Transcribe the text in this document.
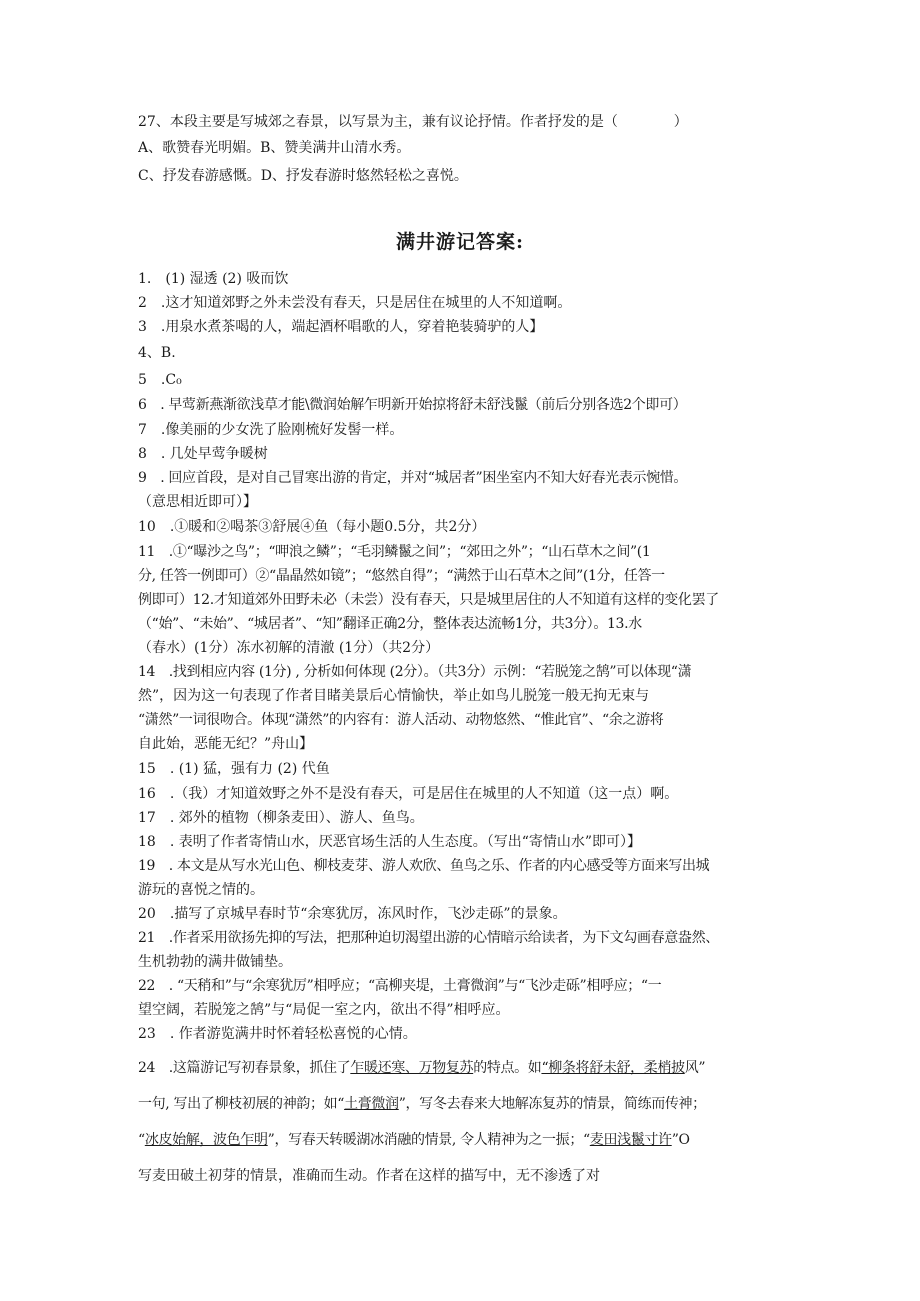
27、本段主要是写城郊之春景，以写景为主，兼有议论抒情。作者抒发的是（　　　　）

A、歌赞春光明媚。B、赞美满井山清水秀。

C、抒发春游感慨。D、抒发春游时悠然轻松之喜悦。

满井游记答案:

1.　(1) 湿透 (2) 吸而饮

2　.这才知道郊野之外未尝没有春天，只是居住在城里的人不知道啊。

3　.用泉水煮茶喝的人，端起酒杯唱歌的人，穿着艳装骑驴的人】

4、B.

5　.C₀

6　. 早莺新燕渐欲浅草才能\微润始解乍明新开始掠将舒未舒浅鬣（前后分别各选2个即可）

7　.像美丽的少女洗了脸刚梳好发髻一样。

8　. 几处早莺争暖树

9　. 回应首段，是对自己冒寒出游的肯定，并对“城居者”困坐室内不知大好春光表示惋惜。

（意思相近即可）】

10　.①暖和②喝茶③舒展④鱼（每小题0.5分，共2分）

11　.①“曝沙之鸟”；“呷浪之鳞”；“毛羽鳞鬣之间”；“郊田之外”；“山石草木之间”(1

分, 任答一例即可）②“晶晶然如镜”；“悠然自得”；“满然于山石草木之间”(1分，任答一

例即可）12.才知道郊外田野未必（未尝）没有春天，只是城里居住的人不知道有这样的变化罢了

（“始”、“未始”、“城居者”、“知”翻译正确2分，整体表达流畅1分，共3分）。13.水

（春水）(1分）冻水初解的清澈 (1分）（共2分）

14　.找到相应内容 (1分) , 分析如何体现 (2分）。（共3分）示例：“若脱笼之鹄”可以体现“潇

然”，因为这一句表现了作者目睹美景后心情愉快，举止如鸟儿脱笼一般无拘无束与

“潇然”一词很吻合。体现“潇然”的内容有：游人活动、动物悠然、“惟此官”、“余之游将

自此始，恶能无纪？”舟山】

15　. (1) 猛，强有力 (2) 代鱼

16　.（我）才知道效野之外不是没有春天，可是居住在城里的人不知道（这一点）啊。

17　. 郊外的植物（柳条麦田）、游人、鱼鸟。

18　. 表明了作者寄情山水，厌恶官场生活的人生态度。（写出“寄情山水”即可）】

19　. 本文是从写水光山色、柳枝麦芽、游人欢欣、鱼鸟之乐、作者的内心感受等方面来写出城

游玩的喜悦之情的。

20　.描写了京城早春时节“余寒犹厉，冻风时作，飞沙走砾”的景象。

21　.作者采用欲扬先抑的写法，把那种迫切渴望出游的心情暗示给读者，为下文勾画春意盎然、

生机勃勃的满井做铺垫。

22　. “天稍和”与“余寒犹厉”相呼应；“高柳夹堤，土膏微润”与“飞沙走砾”相呼应；“一

望空阔，若脱笼之鹄”与“局促一室之内，欲出不得”相呼应。

23　. 作者游览满井时怀着轻松喜悦的心情。

24　.这篇游记写初春景象，抓住了乍暖还寒、万物复苏的特点。如“柳条将舒未舒，柔梢披风”

一句, 写出了柳枝初展的神韵；如“土膏微润”，写冬去春来大地解冻复苏的情景，简练而传神；

“冰皮始解，波色乍明”，写春天转暖湖冰消融的情景, 令人精神为之一振；“麦田浅鬣寸许”O

写麦田破土初芽的情景，准确而生动。作者在这样的描写中，无不渗透了对
